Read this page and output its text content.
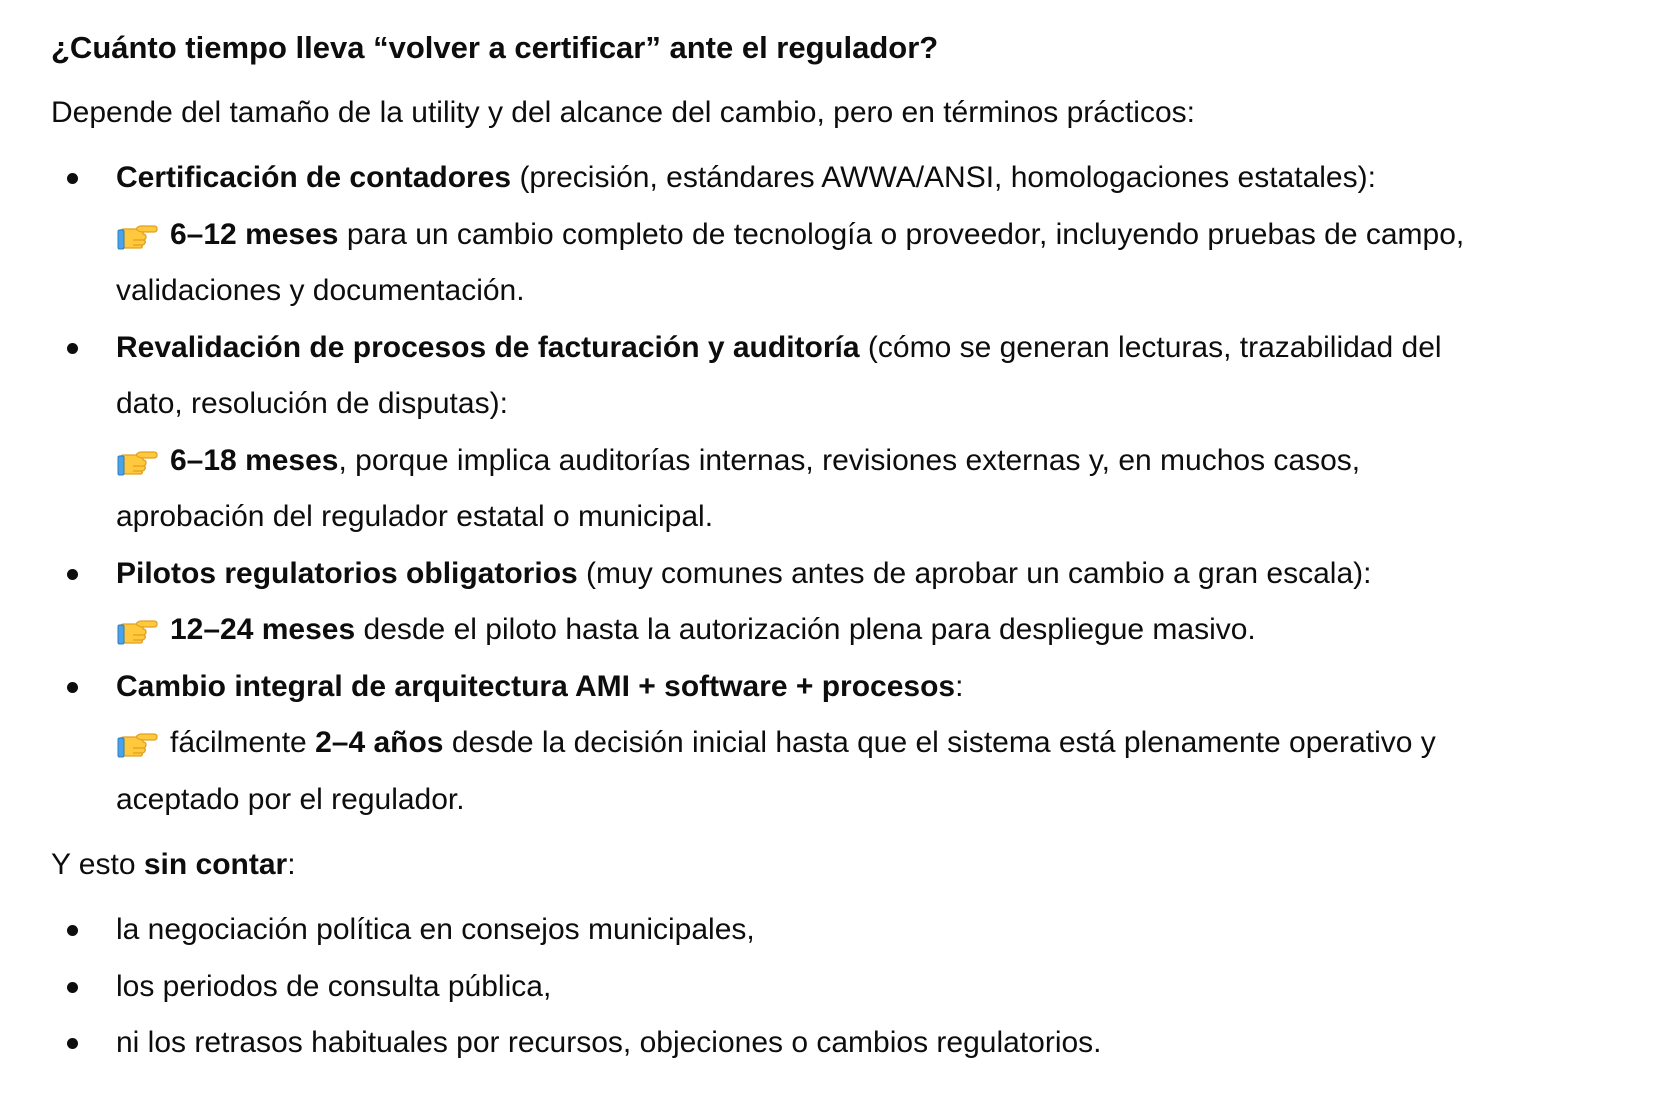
¿Cuánto tiempo lleva “volver a certificar” ante el regulador?

Depende del tamaño de la utility y del alcance del cambio, pero en términos prácticos:

Certificación de contadores (precisión, estándares AWWA/ANSI, homologaciones estatales):
6–12 meses para un cambio completo de tecnología o proveedor, incluyendo pruebas de campo,
validaciones y documentación.
Revalidación de procesos de facturación y auditoría (cómo se generan lecturas, trazabilidad del
dato, resolución de disputas):
6–18 meses, porque implica auditorías internas, revisiones externas y, en muchos casos,
aprobación del regulador estatal o municipal.
Pilotos regulatorios obligatorios (muy comunes antes de aprobar un cambio a gran escala):
12–24 meses desde el piloto hasta la autorización plena para despliegue masivo.
Cambio integral de arquitectura AMI + software + procesos:
fácilmente 2–4 años desde la decisión inicial hasta que el sistema está plenamente operativo y
aceptado por el regulador.

Y esto sin contar:

la negociación política en consejos municipales,
los periodos de consulta pública,
ni los retrasos habituales por recursos, objeciones o cambios regulatorios.
